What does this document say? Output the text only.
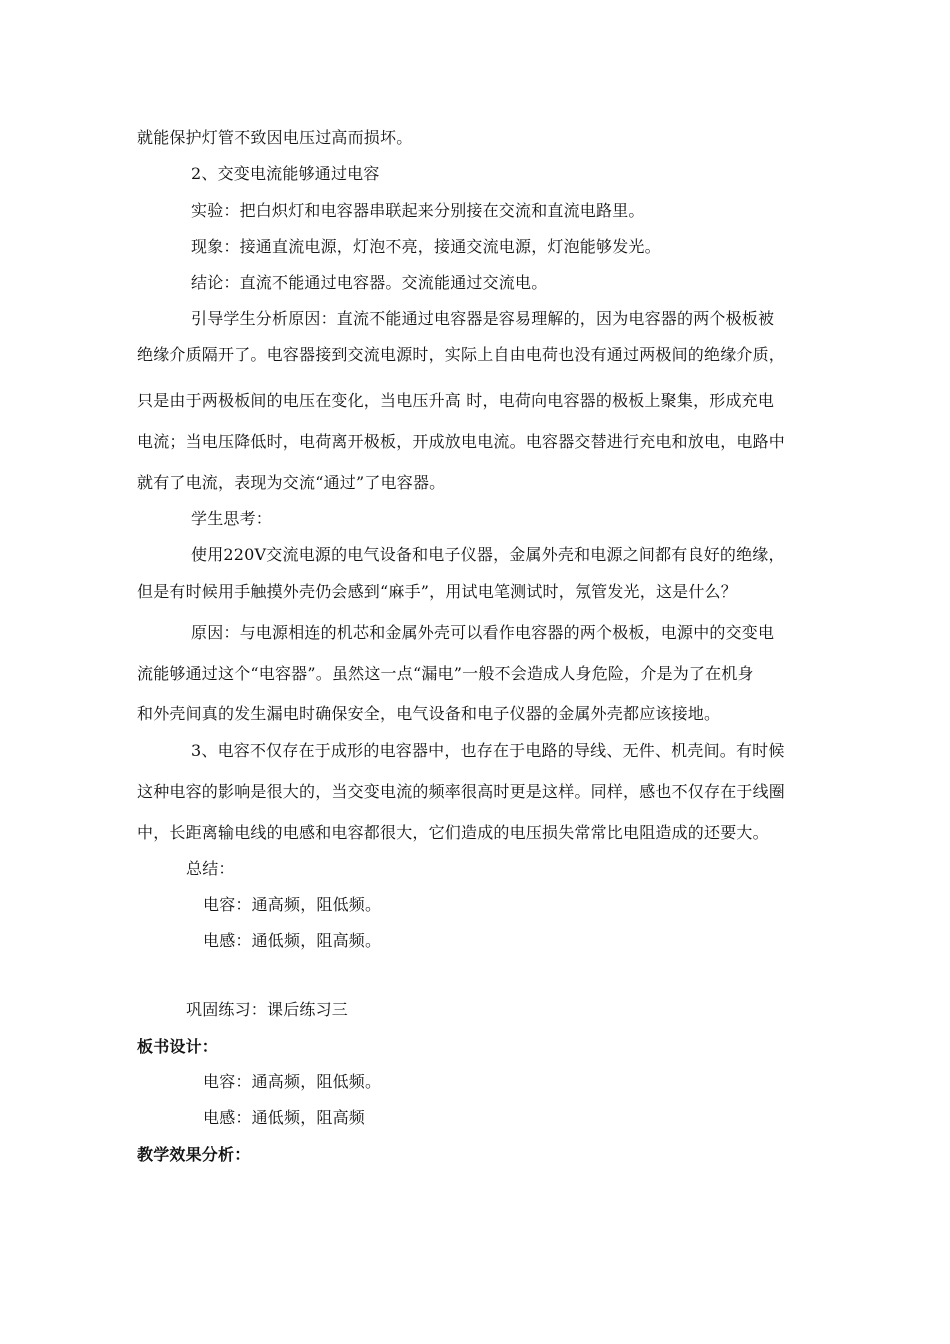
就能保护灯管不致因电压过高而损坏。
2、交变电流能够通过电容
实验：把白炽灯和电容器串联起来分别接在交流和直流电路里。
现象：接通直流电源，灯泡不亮，接通交流电源，灯泡能够发光。
结论：直流不能通过电容器。交流能通过交流电。
引导学生分析原因：直流不能通过电容器是容易理解的，因为电容器的两个极板被
绝缘介质隔开了。电容器接到交流电源时，实际上自由电荷也没有通过两极间的绝缘介质，
只是由于两极板间的电压在变化，当电压升高 时，电荷向电容器的极板上聚集，形成充电
电流；当电压降低时，电荷离开极板，开成放电电流。电容器交替进行充电和放电，电路中
就有了电流，表现为交流“通过”了电容器。
学生思考：
使用220V交流电源的电气设备和电子仪器，金属外壳和电源之间都有良好的绝缘，
但是有时候用手触摸外壳仍会感到“麻手”，用试电笔测试时，氖管发光，这是什么？
原因：与电源相连的机芯和金属外壳可以看作电容器的两个极板，电源中的交变电
流能够通过这个“电容器”。虽然这一点“漏电”一般不会造成人身危险，介是为了在机身
和外壳间真的发生漏电时确保安全，电气设备和电子仪器的金属外壳都应该接地。
3、电容不仅存在于成形的电容器中，也存在于电路的导线、无件、机壳间。有时候
这种电容的影响是很大的，当交变电流的频率很高时更是这样。同样，感也不仅存在于线圈
中，长距离输电线的电感和电容都很大，它们造成的电压损失常常比电阻造成的还要大。
总结：
电容：通高频，阻低频。
电感：通低频，阻高频。
巩固练习：课后练习三
板书设计：
电容：通高频，阻低频。
电感：通低频，阻高频
教学效果分析：
